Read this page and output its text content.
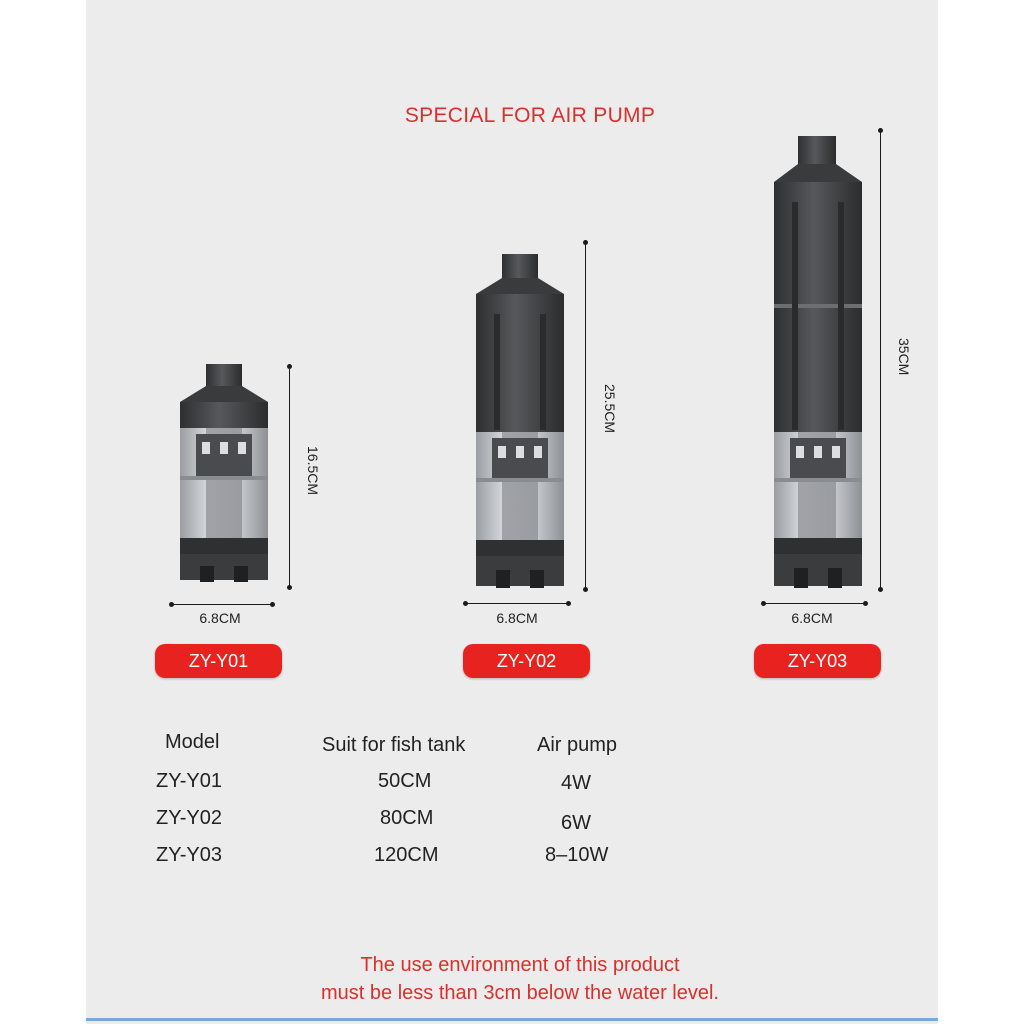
SPECIAL FOR AIR PUMP
16.5CM
6.8CM
ZY-Y01
25.5CM
6.8CM
ZY-Y02
35CM
6.8CM
ZY-Y03
Model	Suit for fish tank	Air pump
ZY-Y01	50CM	4W
ZY-Y02	80CM	6W
ZY-Y03	120CM	8–10W
The use environment of this product
must be less than 3cm below the water level.
